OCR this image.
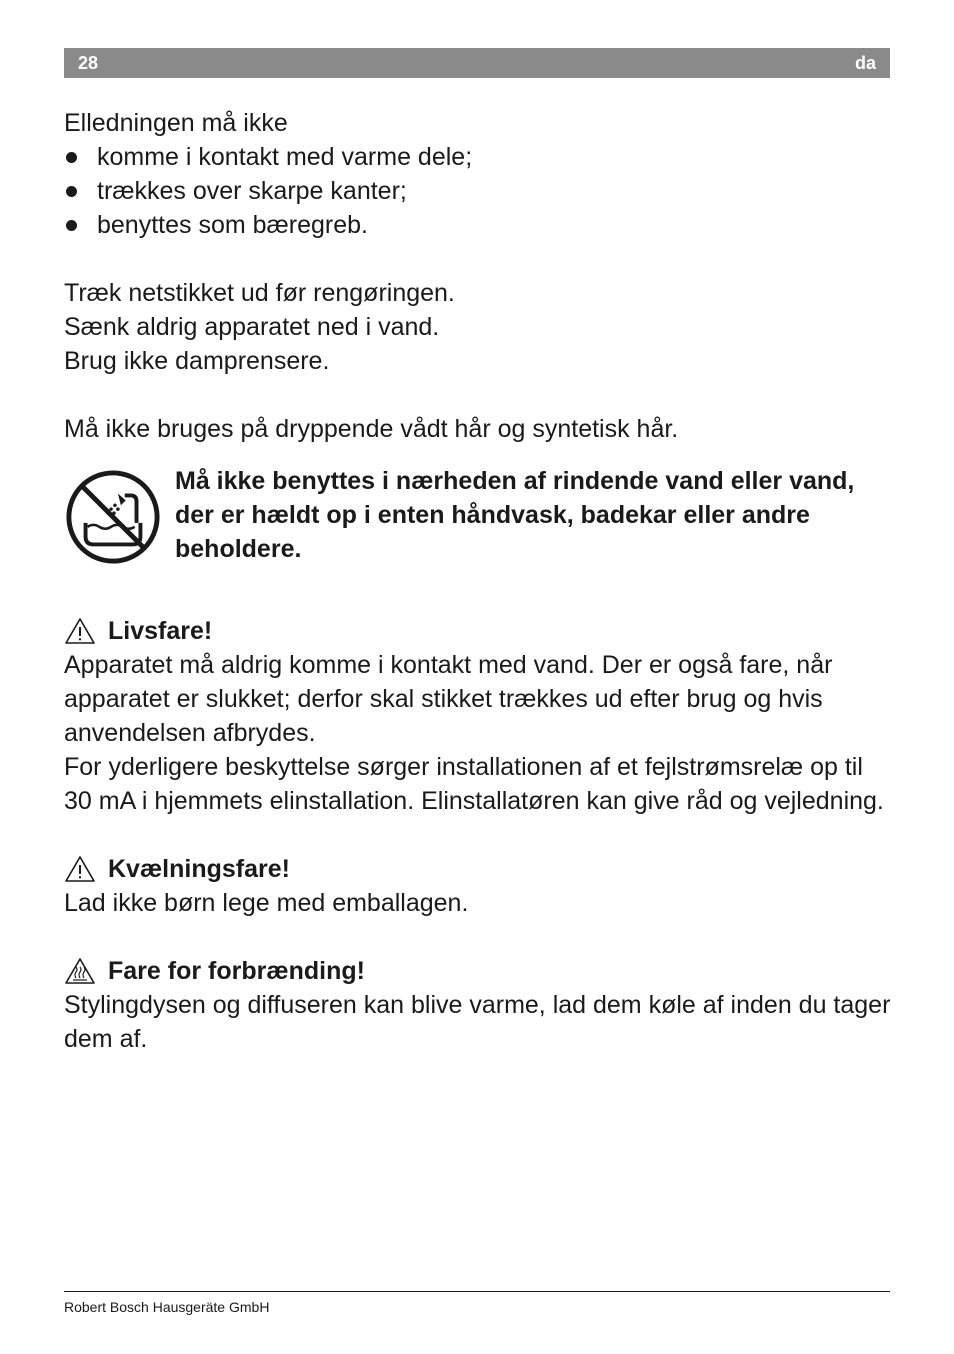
28	da

Elledningen må ikke

komme i kontakt med varme dele;
trækkes over skarpe kanter;
benyttes som bæregreb.

Træk netstikket ud før rengøringen.

Sænk aldrig apparatet ned i vand.

Brug ikke damprensere.

Må ikke bruges på dryppende vådt hår og syntetisk hår.

Må ikke benyttes i nærheden af rindende vand eller vand, der er hældt op i enten håndvask, badekar eller andre beholdere.

Livsfare!

Apparatet må aldrig komme i kontakt med vand. Der er også fare, når apparatet er slukket; derfor skal stikket trækkes ud efter brug og hvis anvendelsen afbrydes.

For yderligere beskyttelse sørger installationen af et fejlstrømsrelæ op til 30 mA i hjemmets elinstallation. Elinstallatøren kan give råd og vejledning.

Kvælningsfare!

Lad ikke børn lege med emballagen.

Fare for forbrænding!

Stylingdysen og diffuseren kan blive varme, lad dem køle af inden du tager dem af.

Robert Bosch Hausgeräte GmbH
